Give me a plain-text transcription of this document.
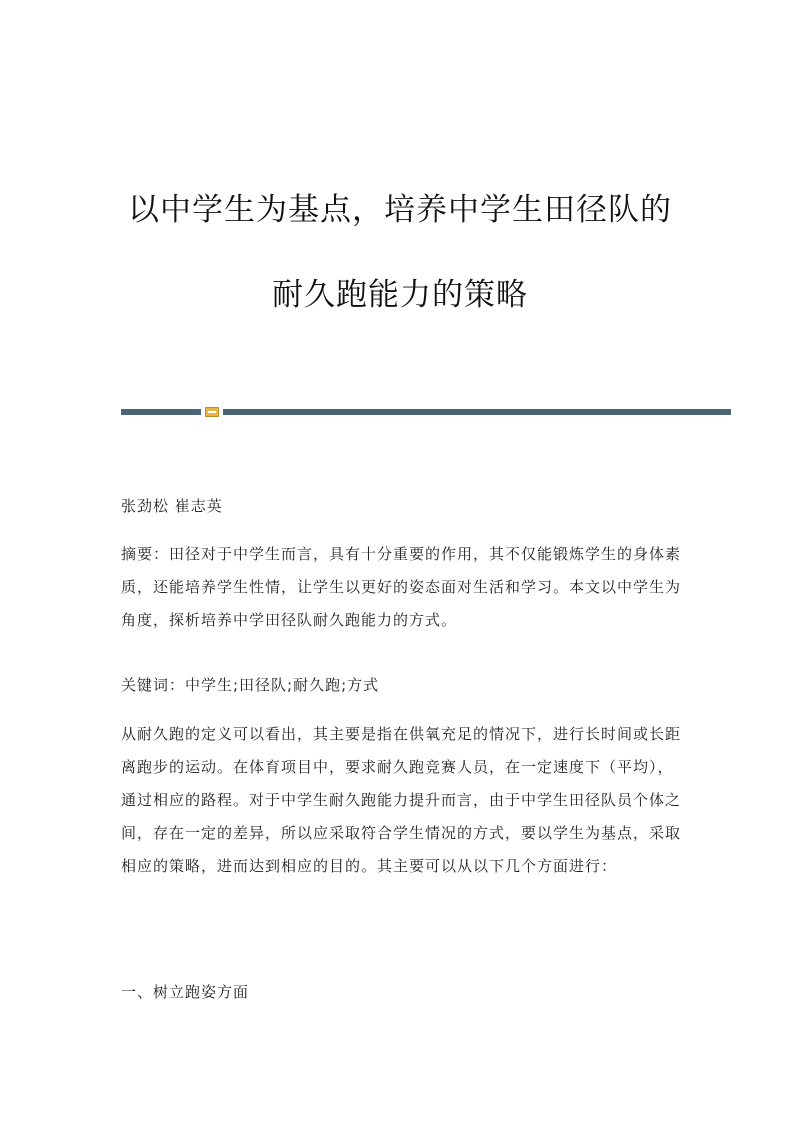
以中学生为基点，培养中学生田径队的
耐久跑能力的策略
张劲松 崔志英
摘要：田径对于中学生而言，具有十分重要的作用，其不仅能锻炼学生的身体素质，还能培养学生性情，让学生以更好的姿态面对生活和学习。本文以中学生为角度，探析培养中学田径队耐久跑能力的方式。
关键词：中学生;田径队;耐久跑;方式
从耐久跑的定义可以看出，其主要是指在供氧充足的情况下，进行长时间或长距离跑步的运动。在体育项目中，要求耐久跑竞赛人员，在一定速度下（平均），通过相应的路程。对于中学生耐久跑能力提升而言，由于中学生田径队员个体之间，存在一定的差异，所以应采取符合学生情况的方式，要以学生为基点，采取相应的策略，进而达到相应的目的。其主要可以从以下几个方面进行：
一、树立跑姿方面
